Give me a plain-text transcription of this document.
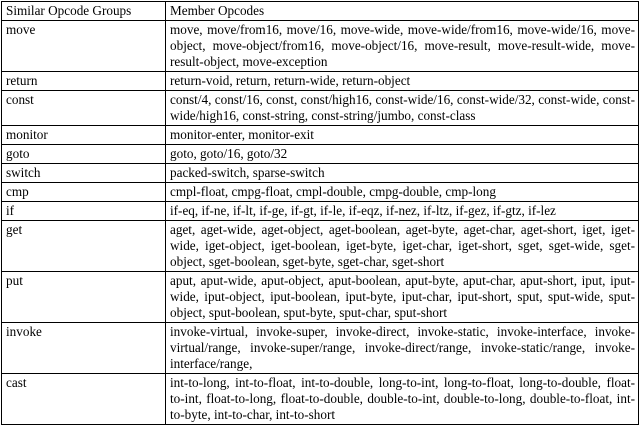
Similar Opcode Groups	Member Opcodes
move	move, move/from16, move/16, move-wide, move-wide/from16, move-wide/16, move-object, move-object/from16, move-object/16, move-result, move-result-wide, move-result-object, move-exception
return	return-void, return, return-wide, return-object
const	const/4, const/16, const, const/high16, const-wide/16, const-wide/32, const-wide, const-wide/high16, const-string, const-string/jumbo, const-class
monitor	monitor-enter, monitor-exit
goto	goto, goto/16, goto/32
switch	packed-switch, sparse-switch
cmp	cmpl-float, cmpg-float, cmpl-double, cmpg-double, cmp-long
if	if-eq, if-ne, if-lt, if-ge, if-gt, if-le, if-eqz, if-nez, if-ltz, if-gez, if-gtz, if-lez
get	aget, aget-wide, aget-object, aget-boolean, aget-byte, aget-char, aget-short, iget, iget-wide, iget-object, iget-boolean, iget-byte, iget-char, iget-short, sget, sget-wide, sget-object, sget-boolean, sget-byte, sget-char, sget-short
put	aput, aput-wide, aput-object, aput-boolean, aput-byte, aput-char, aput-short, iput, iput-wide, iput-object, iput-boolean, iput-byte, iput-char, iput-short, sput, sput-wide, sput-object, sput-boolean, sput-byte, sput-char, sput-short
invoke	invoke-virtual, invoke-super, invoke-direct, invoke-static, invoke-interface, invoke-virtual/range, invoke-super/range, invoke-direct/range, invoke-static/range, invoke-interface/range,
cast	int-to-long, int-to-float, int-to-double, long-to-int, long-to-float, long-to-double, float-to-int, float-to-long, float-to-double, double-to-int, double-to-long, double-to-float, int-to-byte, int-to-char, int-to-short
